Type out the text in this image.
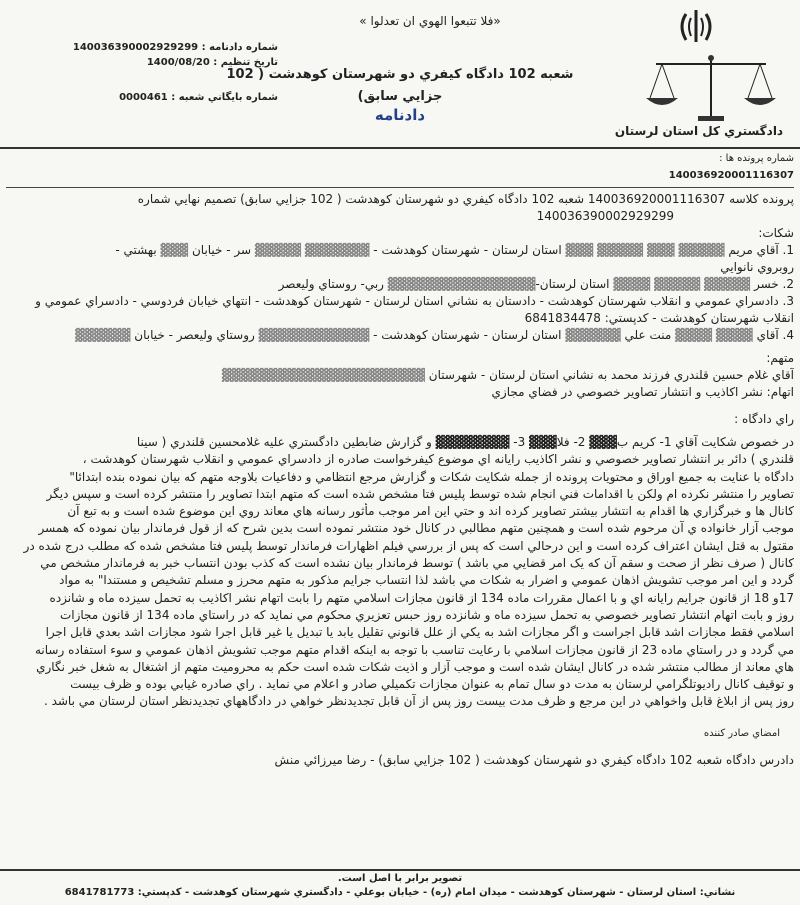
«فلا تتبعوا الهوي ان تعدلوا »
دادگستري كل استان لرستان
شعبه 102 دادگاه كيفري دو شهرستان كوهدشت ( 102 جزايي سابق)
دادنامه
شماره دادنامه : 140036390002929299
تاريخ تنظيم : 1400/08/20
شماره بايگاني شعبه : 0000461
شماره پرونده ها :
140036920001116307
پرونده كلاسه 140036920001116307 شعبه 102 دادگاه كيفري دو شهرستان كوهدشت ( 102 جزايي سابق) تصميم نهايي شماره
140036390002929299
شكات:
1. آقاي مريم ▓▓▓▓▓ ▓▓▓ ▓▓▓▓▓ ▓▓▓ استان لرستان - شهرستان كوهدشت - ▓▓▓▓▓▓▓ ▓▓▓▓▓ سر - خيابان ▓▓▓ بهشتي -
روبروي نانوايي
2. خسر ▓▓▓▓▓ ▓▓▓▓▓ ▓▓▓▓ استان لرستان-▓▓▓▓▓▓▓▓▓▓▓▓▓▓▓▓ ربي- روستاي وليعصر
3. دادسراي عمومي و انقلاب شهرستان كوهدشت - دادستان به نشاني استان لرستان - شهرستان كوهدشت - انتهاي خيابان فردوسي - دادسراي عمومي و
انقلاب شهرستان كوهدشت - كدپستي: 6841834478
4. آقاي ▓▓▓▓ ▓▓▓▓ منت علي ▓▓▓▓▓▓ استان لرستان - شهرستان كوهدشت - ▓▓▓▓▓▓▓▓▓▓▓▓ روستاي وليعصر - خيابان ▓▓▓▓▓▓
متهم:
آقاي غلام حسين قلندري فرزند محمد به نشاني استان لرستان - شهرستان ▓▓▓▓▓▓▓▓▓▓▓▓▓▓▓▓▓▓▓▓▓▓
اتهام: نشر اكاذيب و انتشار تصاوير خصوصي در فضاي مجازي
راي دادگاه :
در خصوص شكايت آقاي 1- كريم ب▓▓▓ 2- فلا▓▓▓ 3- ▓▓▓▓▓▓▓▓ و گزارش ضابطين دادگستري عليه غلامحسين قلندري ( سينا
قلندري ) دائر بر انتشار تصاوير خصوصي و نشر اكاذيب رايانه اي موضوع كيفرخواست صادره از دادسراي عمومي و انقلاب شهرستان كوهدشت ،
دادگاه با عنايت به جميع اوراق و محتويات پرونده از جمله شكايت شكات و گزارش مرجع انتظامي و دفاعيات بلاوجه متهم كه بيان نموده بنده ابتدائا"
تصاوير را منتشر نكرده ام ولكن با اقدامات فني انجام شده توسط پليس فتا مشخص شده است كه متهم ابتدا تصاوير را منتشر كرده است و سپس ديگر
كانال ها و خبرگزاري ها اقدام به انتشار بيشتر تصاوير كرده اند و حتي اين امر موجب مأثور رسانه هاي معاند روي اين موضوع شده است و به تبع آن
موجب آزار خانواده ي آن مرحوم شده است و همچنين متهم مطالبي در كانال خود منتشر نموده است بدين شرح كه از قول فرماندار بيان نموده كه همسر
مقتول به قتل ايشان اعتراف كرده است و اين درحالي است كه پس از بررسي فيلم اظهارات فرماندار توسط پليس فتا مشخص شده كه مطلب درج شده در
كانال ( صرف نظر از صحت و سقم آن كه يک امر قضايي مي باشد ) توسط فرماندار بيان نشده است كه كذب بودن انتساب خبر به فرماندار مشخص مي
گردد و اين امر موجب تشويش اذهان عمومي و اضرار به شكات مي باشد لذا انتساب جرايم مذكور به متهم محرز و مسلم تشخيص و مستندا" به مواد
17و 18 از قانون جرايم رايانه اي و با اعمال مقررات ماده 134 از قانون مجازات اسلامي متهم را بابت اتهام نشر اكاذيب به تحمل سيزده ماه و شانزده
روز و بابت اتهام انتشار تصاوير خصوصي به تحمل سيزده ماه و شانزده روز حبس تعزيري محكوم مي نمايد كه در راستاي ماده 134 از قانون مجازات
اسلامي فقط مجازات اشد قابل اجراست و اگر مجازات اشد به يكي از علل قانوني تقليل يابد يا تبديل يا غير قابل اجرا شود مجازات اشد بعدي قابل اجرا
مي گردد و در راستاي ماده 23 از قانون مجازات اسلامي با رعايت تناسب با توجه به اينكه اقدام متهم موجب تشويش اذهان عمومي و سوء استفاده رسانه
هاي معاند از مطالب منتشر شده در كانال ايشان شده است و موجب آزار و اذيت شكات شده است حكم به محروميت متهم از اشتغال به شغل خبر نگاري
و توقيف كانال راديوتلگرامي لرستان به مدت دو سال تمام به عنوان مجازات تكميلي صادر و اعلام مي نمايد . راي صادره غيابي بوده و ظرف بيست
روز پس از ابلاغ قابل واخواهي در اين مرجع و ظرف مدت بيست روز پس از آن قابل تجديدنظر خواهي در دادگاههاي تجديدنظر استان لرستان مي باشد .
امضاي صادر كننده
دادرس دادگاه شعبه 102 دادگاه كيفري دو شهرستان كوهدشت ( 102 جزايي سابق) - رضا ميرزائي منش
تصوير برابر با اصل است.
نشاني: استان لرستان - شهرستان كوهدشت - ميدان امام (ره) - خيابان بوعلي - دادگستري شهرستان كوهدشت - كدپستي: 6841781773
